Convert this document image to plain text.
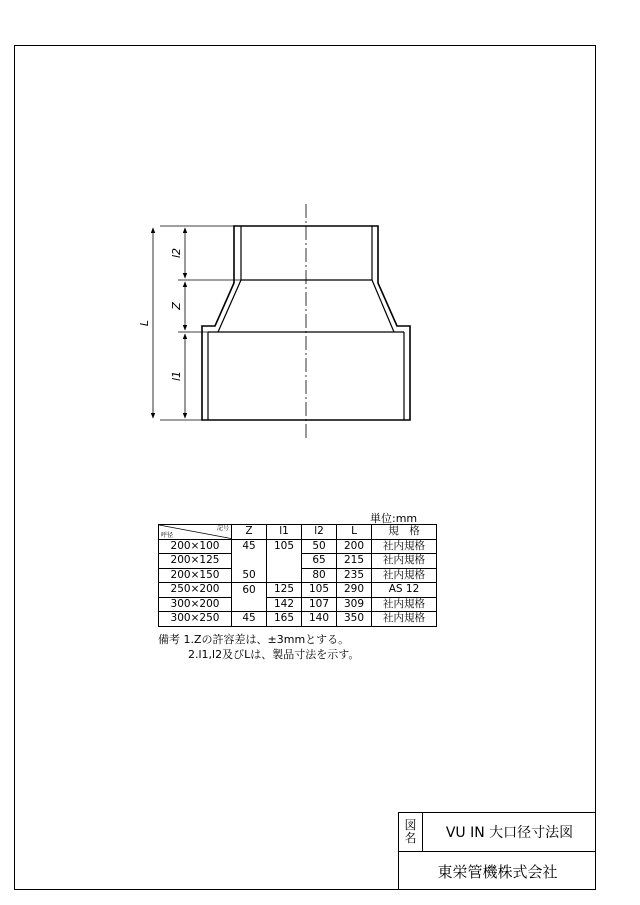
l2
Z
L
l1
単位:mm
記号
呼径	Z	l1	l2	L	規　格
200×100	45	105	50	200	社内規格
200×125			65	215	社内規格
200×150	50		80	235	社内規格
250×200	60	125	105	290	AS 12
300×200		142	107	309	社内規格
300×250	45	165	140	350	社内規格
備考 1.Zの許容差は、±3mmとする。
2.l1,l2及びLは、製品寸法を示す。
図
名	VU IN 大口径寸法図
東栄管機株式会社
